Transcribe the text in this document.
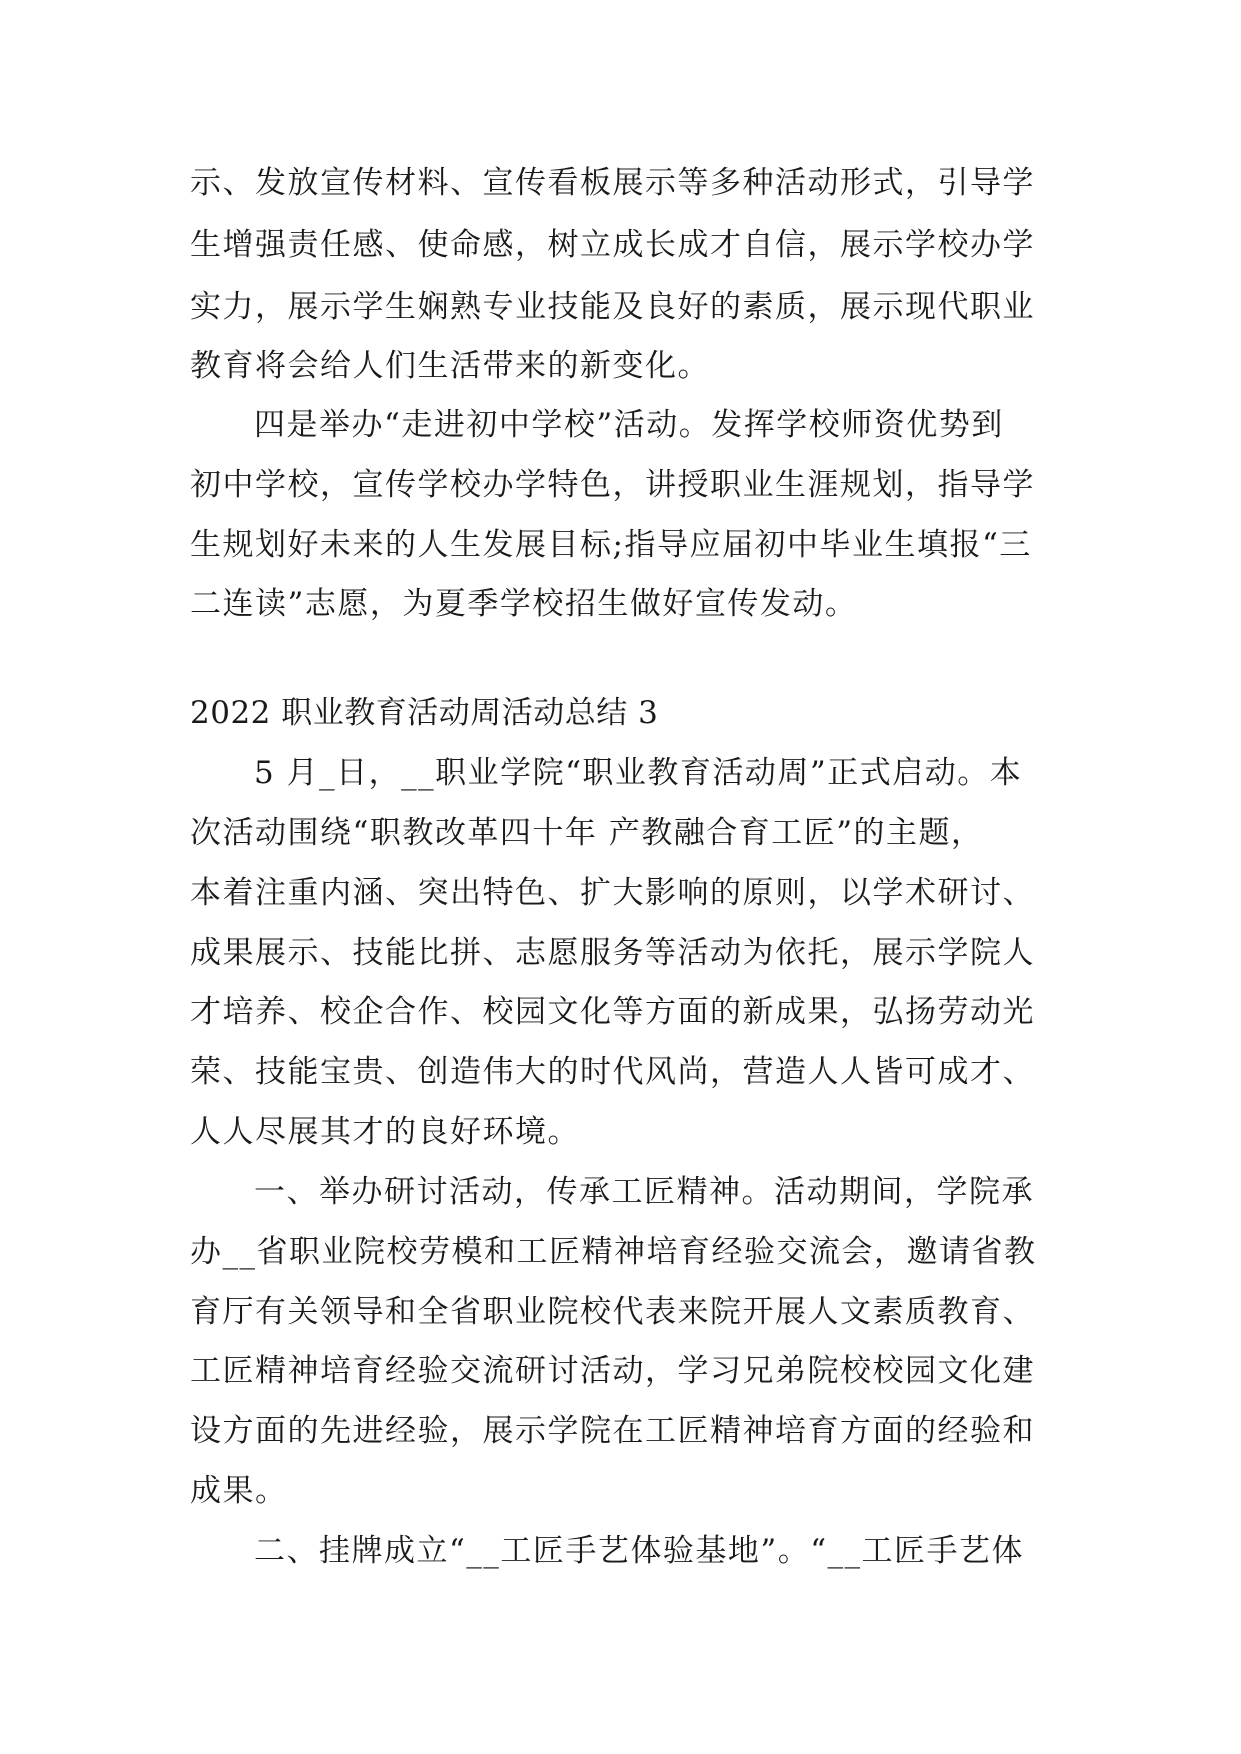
示、发放宣传材料、宣传看板展示等多种活动形式，引导学
生增强责任感、使命感，树立成长成才自信，展示学校办学
实力，展示学生娴熟专业技能及良好的素质，展示现代职业
教育将会给人们生活带来的新变化。
四是举办“走进初中学校”活动。发挥学校师资优势到
初中学校，宣传学校办学特色，讲授职业生涯规划，指导学
生规划好未来的人生发展目标;指导应届初中毕业生填报“三
二连读”志愿，为夏季学校招生做好宣传发动。
2022 职业教育活动周活动总结 3
5 月_日，__职业学院“职业教育活动周”正式启动。本
次活动围绕“职教改革四十年 产教融合育工匠”的主题，
本着注重内涵、突出特色、扩大影响的原则，以学术研讨、
成果展示、技能比拼、志愿服务等活动为依托，展示学院人
才培养、校企合作、校园文化等方面的新成果，弘扬劳动光
荣、技能宝贵、创造伟大的时代风尚，营造人人皆可成才、
人人尽展其才的良好环境。
一、举办研讨活动，传承工匠精神。活动期间，学院承
办__省职业院校劳模和工匠精神培育经验交流会，邀请省教
育厅有关领导和全省职业院校代表来院开展人文素质教育、
工匠精神培育经验交流研讨活动，学习兄弟院校校园文化建
设方面的先进经验，展示学院在工匠精神培育方面的经验和
成果。
二、挂牌成立“__工匠手艺体验基地”。“__工匠手艺体
